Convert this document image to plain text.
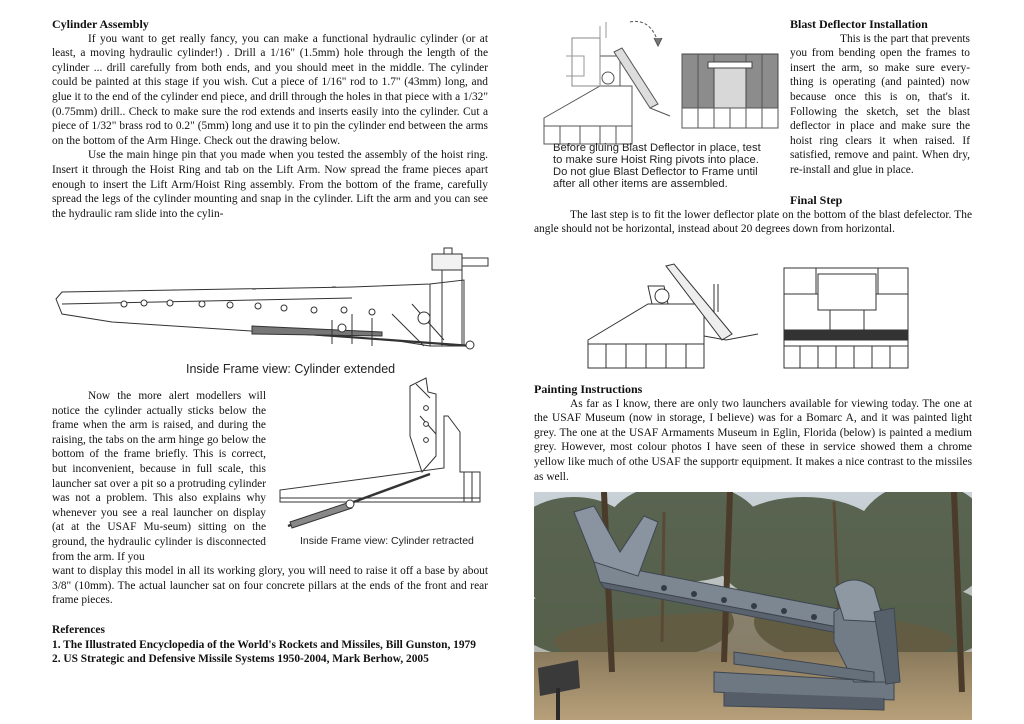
Cylinder Assembly

If you want to get really fancy, you can make a functional hydraulic cylinder (or at least, a moving hydraulic cylinder!) . Drill a 1/16" (1.5mm) hole through the length of the cylinder ... drill carefully from both ends, and you should meet in the middle. The cylinder could be painted at this stage if you wish. Cut a piece of 1/16" rod to 1.7" (43mm) long, and glue it to the end of the cylinder end piece, and drill through the holes in that piece with a 1/32" (0.75mm) drill.. Check to make sure the rod extends and inserts easily into the cylinder. Cut a piece of 1/32" brass rod to 0.2" (5mm) long and use it to pin the cylinder end between the arms on the bottom of the Arm Hinge. Check out the drawing below.

Use the main hinge pin that you made when you tested the assembly of the hoist ring. Insert it through the Hoist Ring and tab on the Lift Arm. Now spread the frame pieces apart enough to insert the Lift Arm/Hoist Ring assembly. From the bottom of the frame, carefully spread the legs of the cylinder mounting and snap in the cylinder. Lift the arm and you can see the hydraulic ram slide into the cylin-

Inside Frame view: Cylinder extended

Now the more alert modellers will notice the cylinder actually sticks below the frame when the arm is raised, and during the raising, the tabs on the arm hinge go below the bottom of the frame briefly. This is correct, but inconvenient, because in full scale, this launcher sat over a pit so a protruding cylinder was not a problem. This also explains why whenever you see a real launcher on display (at at the USAF Mu-seum) sitting on the ground, the hydraulic cylinder is disconnected from the arm. If you

Inside Frame view: Cylinder retracted

want to display this model in all its working glory, you will need to raise it off a base by about 3/8" (10mm). The actual launcher sat on four concrete pillars at the ends of the front and rear frame pieces.

References
1. The Illustrated Encyclopedia of the World's Rockets and Missiles, Bill Gunston, 1979
2. US Strategic and Defensive Missile Systems 1950-2004, Mark Berhow, 2005
Before gluing Blast Deflector in place, test
to make sure Hoist Ring pivots into place.
Do not glue Blast Deflector to Frame until
after all other items are assembled.
Blast Deflector Installation

This is the part that prevents you from bending open the frames to insert the arm, so make sure every-thing is operating (and painted) now because once this is on, that's it. Following the sketch, set the blast deflector in place and make sure the hoist ring clears it when raised. If satisfied, remove and paint. When dry, re-install and glue in place.

Final Step

The last step is to fit the lower deflector plate on the bottom of the blast defelector. The angle should not be horizontal, instead about 20 degrees down from horizontal.

Painting Instructions

As far as I know, there are only two launchers available for viewing today. The one at the USAF Museum (now in storage, I believe) was for a Bomarc A, and it was painted light grey. The one at the USAF Armaments Museum in Eglin, Florida (below) is painted a medium grey. However, most colour photos I have seen of these in service showed them a chrome yellow like much of othe USAF the supportr equipment. It makes a nice contrast to the missiles as well.
